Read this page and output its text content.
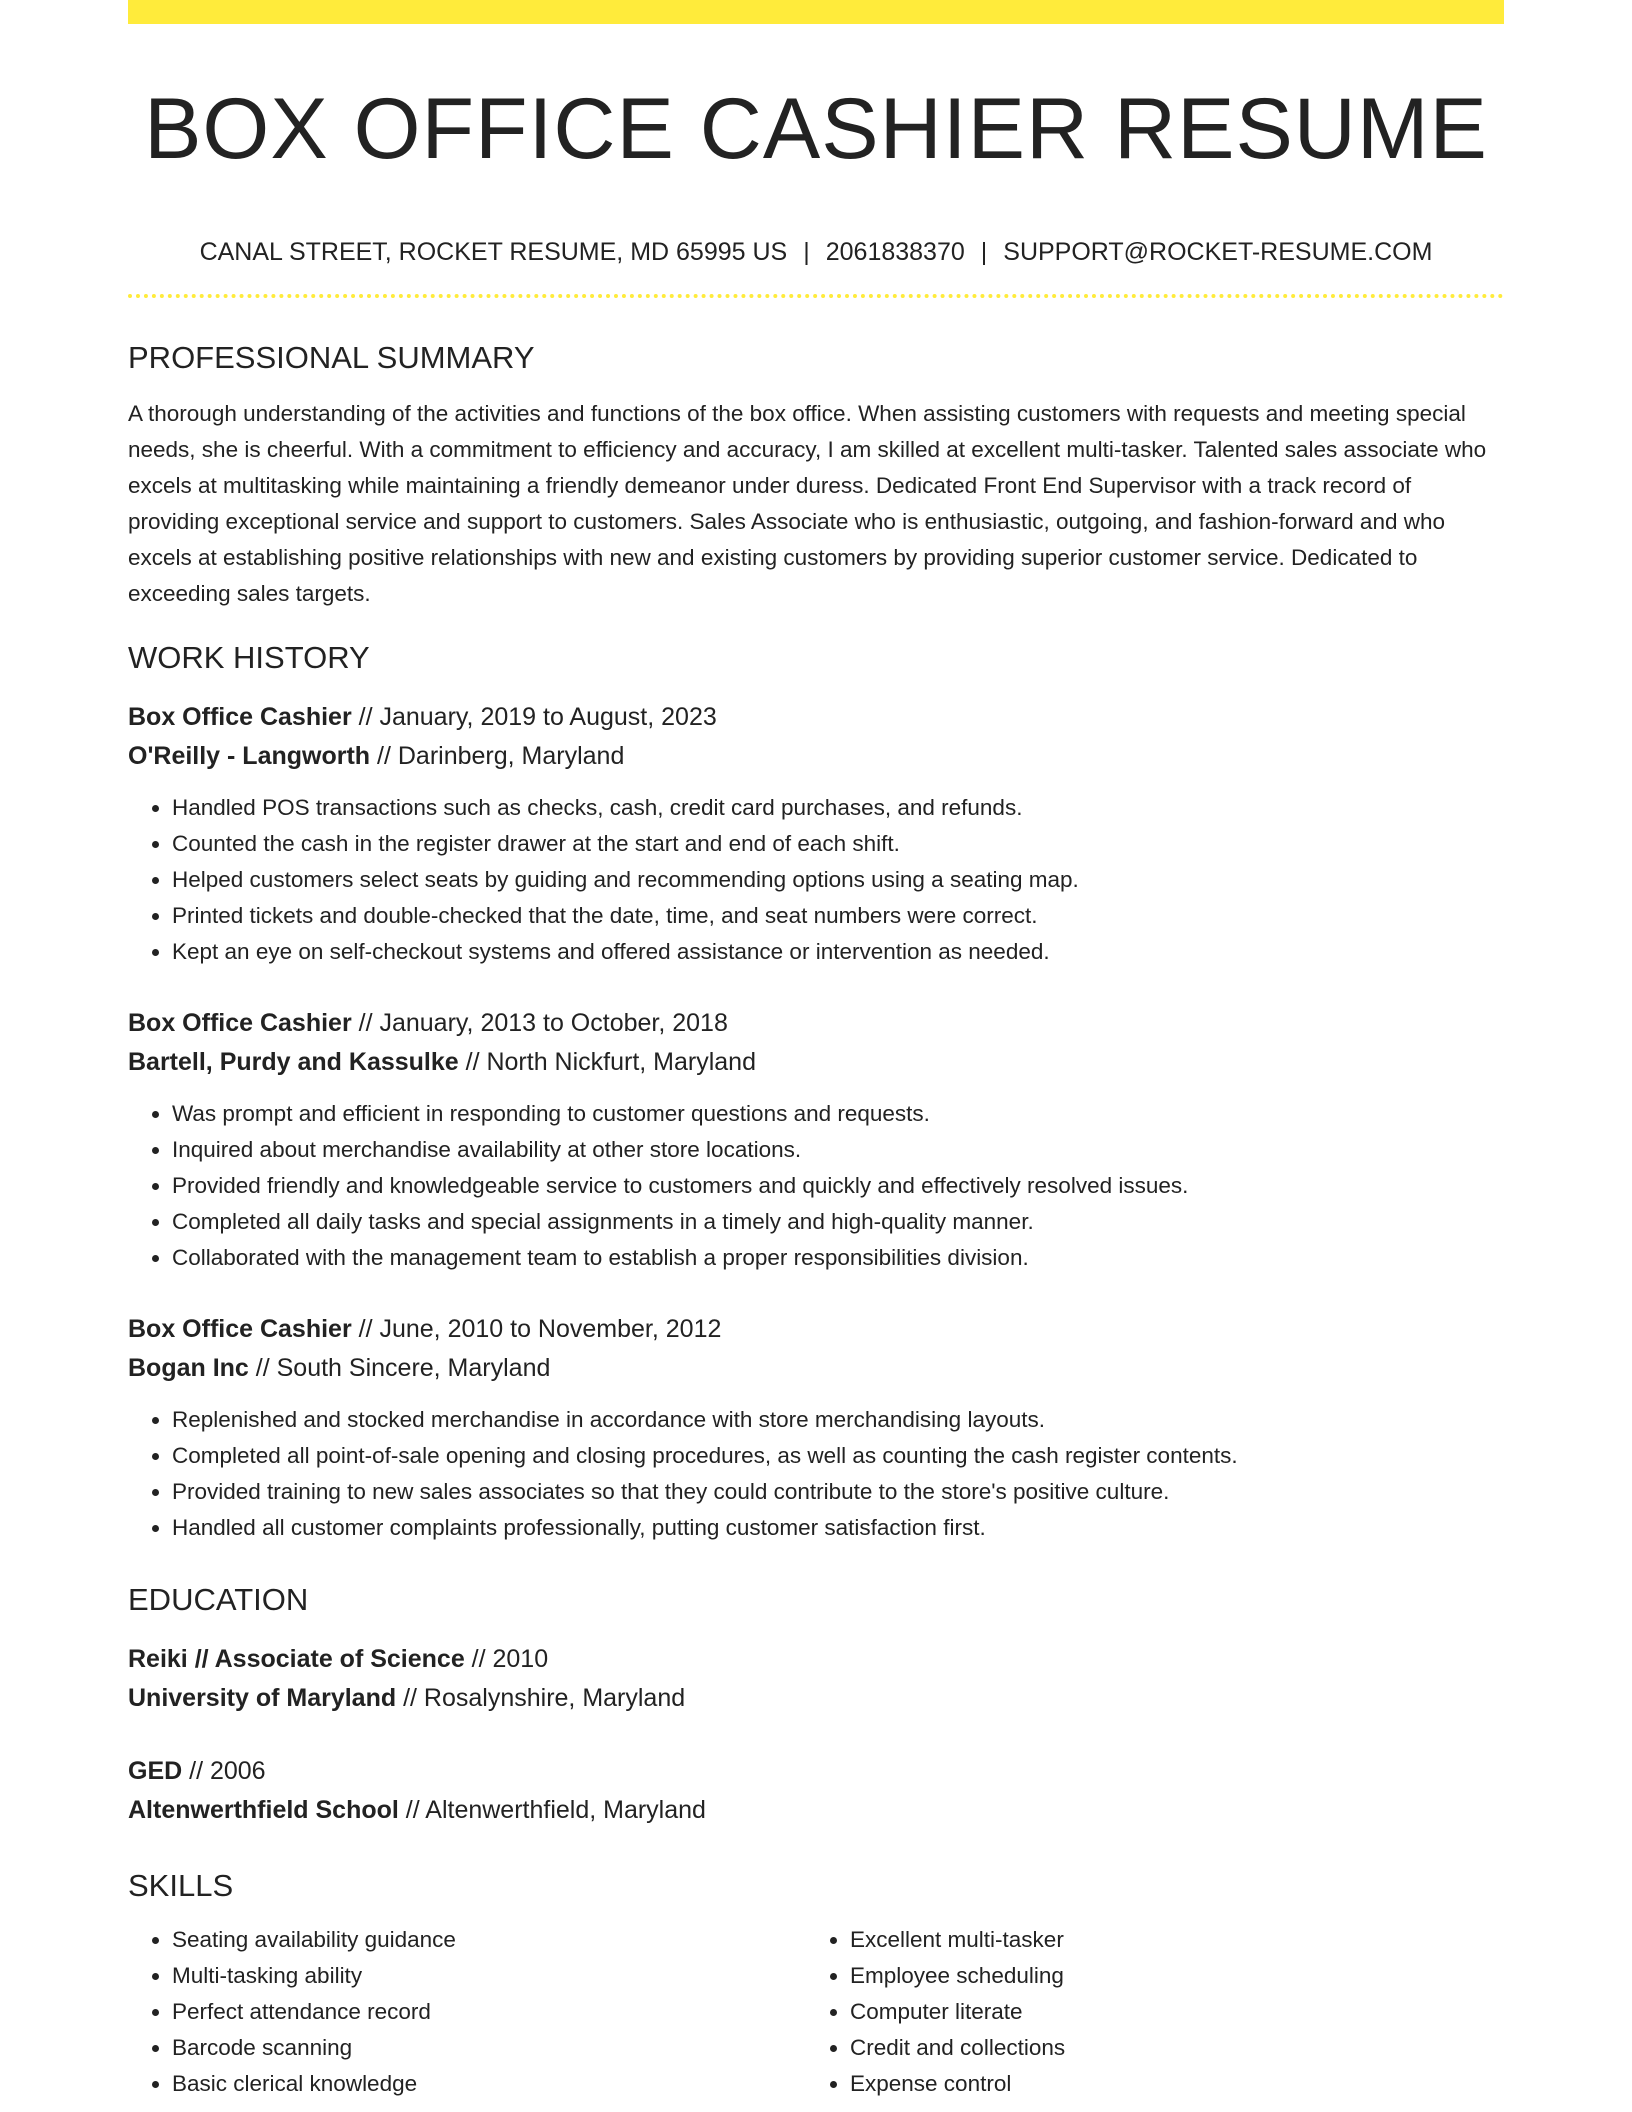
BOX OFFICE CASHIER RESUME
CANAL STREET, ROCKET RESUME, MD 65995 US | 2061838370 | SUPPORT@ROCKET-RESUME.COM
PROFESSIONAL SUMMARY
A thorough understanding of the activities and functions of the box office. When assisting customers with requests and meeting special needs, she is cheerful. With a commitment to efficiency and accuracy, I am skilled at excellent multi-tasker. Talented sales associate who excels at multitasking while maintaining a friendly demeanor under duress. Dedicated Front End Supervisor with a track record of providing exceptional service and support to customers. Sales Associate who is enthusiastic, outgoing, and fashion-forward and who excels at establishing positive relationships with new and existing customers by providing superior customer service. Dedicated to exceeding sales targets.
WORK HISTORY
Box Office Cashier // January, 2019 to August, 2023
O'Reilly - Langworth // Darinberg, Maryland
• Handled POS transactions such as checks, cash, credit card purchases, and refunds.
• Counted the cash in the register drawer at the start and end of each shift.
• Helped customers select seats by guiding and recommending options using a seating map.
• Printed tickets and double-checked that the date, time, and seat numbers were correct.
• Kept an eye on self-checkout systems and offered assistance or intervention as needed.
Box Office Cashier // January, 2013 to October, 2018
Bartell, Purdy and Kassulke // North Nickfurt, Maryland
• Was prompt and efficient in responding to customer questions and requests.
• Inquired about merchandise availability at other store locations.
• Provided friendly and knowledgeable service to customers and quickly and effectively resolved issues.
• Completed all daily tasks and special assignments in a timely and high-quality manner.
• Collaborated with the management team to establish a proper responsibilities division.
Box Office Cashier // June, 2010 to November, 2012
Bogan Inc // South Sincere, Maryland
• Replenished and stocked merchandise in accordance with store merchandising layouts.
• Completed all point-of-sale opening and closing procedures, as well as counting the cash register contents.
• Provided training to new sales associates so that they could contribute to the store's positive culture.
• Handled all customer complaints professionally, putting customer satisfaction first.
EDUCATION
Reiki // Associate of Science // 2010
University of Maryland // Rosalynshire, Maryland
GED // 2006
Altenwerthfield School // Altenwerthfield, Maryland
SKILLS
• Seating availability guidance
• Multi-tasking ability
• Perfect attendance record
• Barcode scanning
• Basic clerical knowledge
• Excellent multi-tasker
• Employee scheduling
• Computer literate
• Credit and collections
• Expense control
